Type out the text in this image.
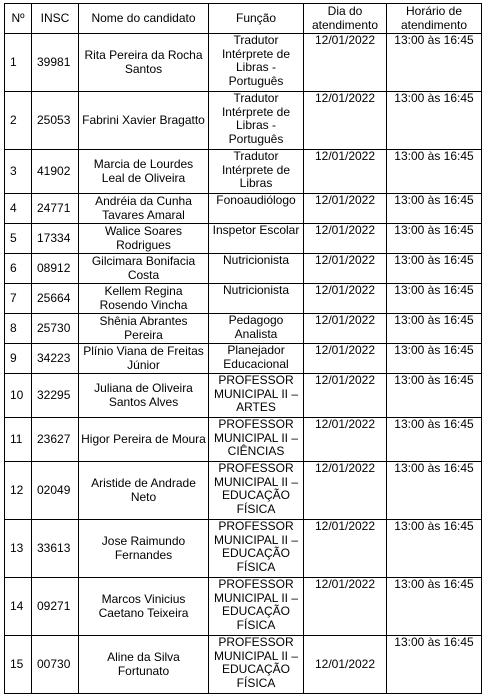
Nº	INSC	Nome do candidato	Função	Dia do atendimento	Horário de atendimento
1	39981	Rita Pereira da Rocha Santos	Tradutor Intérprete de Libras - Português	12/01/2022	13:00 às 16:45
2	25053	Fabrini Xavier Bragatto	Tradutor Intérprete de Libras - Português	12/01/2022	13:00 às 16:45
3	41902	Marcia de Lourdes Leal de Oliveira	Tradutor Intérprete de Libras	12/01/2022	13:00 às 16:45
4	24771	Andréia da Cunha Tavares Amaral	Fonoaudiólogo	12/01/2022	13:00 às 16:45
5	17334	Walice Soares Rodrigues	Inspetor Escolar	12/01/2022	13:00 às 16:45
6	08912	Gilcimara Bonifacia Costa	Nutricionista	12/01/2022	13:00 às 16:45
7	25664	Kellem Regina Rosendo Vincha	Nutricionista	12/01/2022	13:00 às 16:45
8	25730	Shênia Abrantes Pereira	Pedagogo Analista	12/01/2022	13:00 às 16:45
9	34223	Plínio Viana de Freitas Júnior	Planejador Educacional	12/01/2022	13:00 às 16:45
10	32295	Juliana de Oliveira Santos Alves	PROFESSOR MUNICIPAL II – ARTES	12/01/2022	13:00 às 16:45
11	23627	Higor Pereira de Moura	PROFESSOR MUNICIPAL II – CIÊNCIAS	12/01/2022	13:00 às 16:45
12	02049	Aristide de Andrade Neto	PROFESSOR MUNICIPAL II – EDUCAÇÃO FÍSICA	12/01/2022	13:00 às 16:45
13	33613	Jose Raimundo Fernandes	PROFESSOR MUNICIPAL II – EDUCAÇÃO FÍSICA	12/01/2022	13:00 às 16:45
14	09271	Marcos Vinicius Caetano Teixeira	PROFESSOR MUNICIPAL II – EDUCAÇÃO FÍSICA	12/01/2022	13:00 às 16:45
15	00730	Aline da Silva Fortunato	PROFESSOR MUNICIPAL II – EDUCAÇÃO FÍSICA	12/01/2022	13:00 às 16:45
